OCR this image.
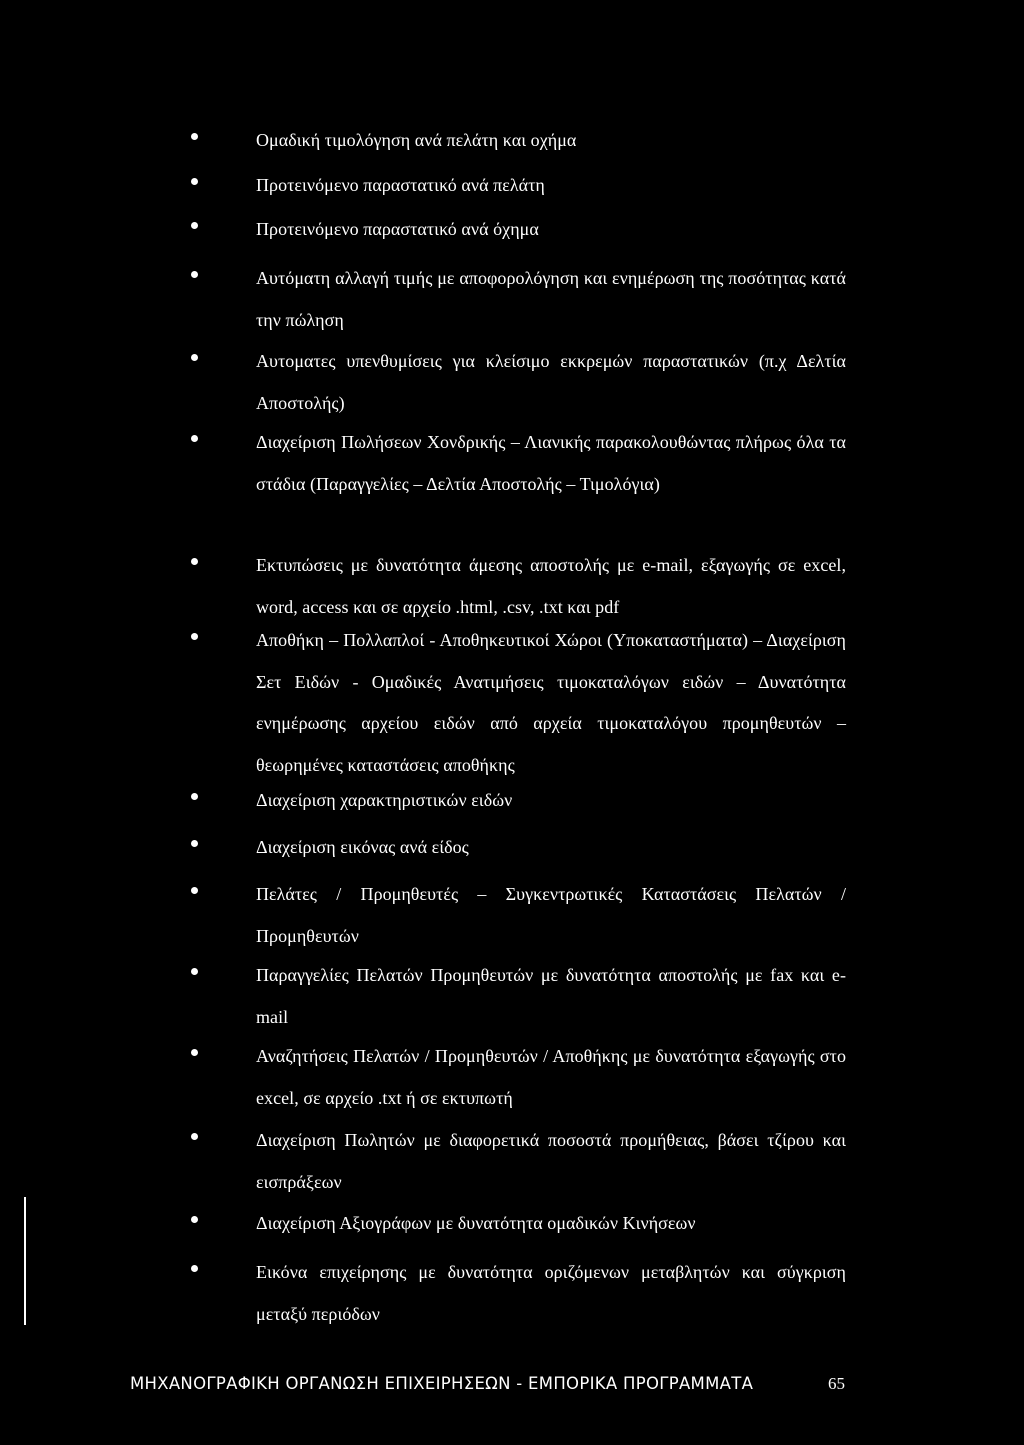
Ομαδική τιμολόγηση ανά πελάτη και οχήμα
Προτεινόμενο παραστατικό ανά πελάτη
Προτεινόμενο παραστατικό ανά όχημα
Αυτόματη αλλαγή τιμής με αποφορολόγηση και ενημέρωση της ποσότητας κατά την πώληση
Αυτοματες υπενθυμίσεις για κλείσιμο εκκρεμών παραστατικών (π.χ Δελτία Αποστολής)
Διαχείριση Πωλήσεων Χονδρικής – Λιανικής παρακολουθώντας πλήρως όλα τα στάδια (Παραγγελίες – Δελτία Αποστολής – Τιμολόγια)
Εκτυπώσεις με δυνατότητα άμεσης αποστολής με e-mail, εξαγωγής σε excel, word, access και σε αρχείο .html, .csv, .txt και pdf
Αποθήκη – Πολλαπλοί - Αποθηκευτικοί Χώροι (Υποκαταστήματα) – Διαχείριση Σετ Ειδών - Ομαδικές Ανατιμήσεις τιμοκαταλόγων ειδών – Δυνατότητα ενημέρωσης αρχείου ειδών από αρχεία τιμοκαταλόγου προμηθευτών – θεωρημένες καταστάσεις αποθήκης
Διαχείριση χαρακτηριστικών ειδών
Διαχείριση εικόνας ανά είδος
Πελάτες / Προμηθευτές – Συγκεντρωτικές Καταστάσεις Πελατών /Προμηθευτών
Παραγγελίες Πελατών Προμηθευτών με δυνατότητα αποστολής με fax και e-mail
Αναζητήσεις Πελατών / Προμηθευτών / Αποθήκης με δυνατότητα εξαγωγής στο excel, σε αρχείο .txt ή σε εκτυπωτή
Διαχείριση Πωλητών με διαφορετικά ποσοστά προμήθειας, βάσει τζίρου και εισπράξεων
Διαχείριση Αξιογράφων με δυνατότητα ομαδικών Κινήσεων
Εικόνα επιχείρησης με δυνατότητα οριζόμενων μεταβλητών και σύγκριση μεταξύ περιόδων
ΜΗΧΑΝΟΓΡΑΦΙΚΗ ΟΡΓΑΝΩΣΗ ΕΠΙΧΕΙΡΗΣΕΩΝ - ΕΜΠΟΡΙΚΑ ΠΡΟΓΡΑΜΜΑΤΑ	65
